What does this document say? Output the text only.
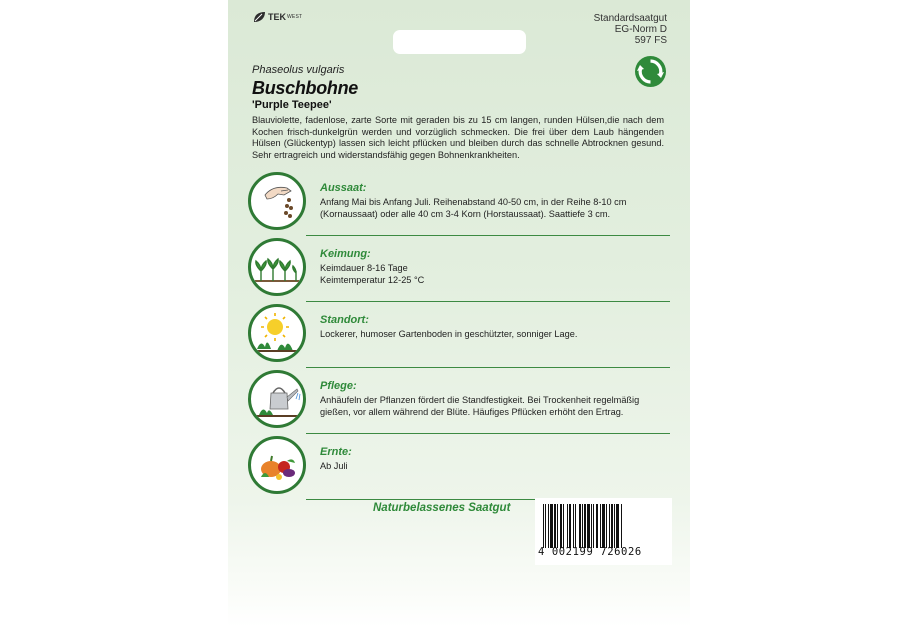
TEK WEST	Standardsaatgut
EG-Norm D
597 FS
Phaseolus vulgaris
Buschbohne
'Purple Teepee'
Blauviolette, fadenlose, zarte Sorte mit geraden bis zu 15 cm langen, runden Hülsen,die nach dem Kochen frisch-dunkelgrün werden und vorzüglich schmecken. Die frei über dem Laub hängenden Hülsen (Glückentyp) lassen sich leicht pflücken und bleiben durch das schnelle Abtrocknen gesund. Sehr ertragreich und widerstandsfähig gegen Bohnenkrankheiten.
Aussaat:
Anfang Mai bis Anfang Juli. Reihenabstand 40-50 cm, in der Reihe 8-10 cm (Kornaussaat) oder alle 40 cm 3-4 Korn (Horstaussaat). Saattiefe 3 cm.
Keimung:
Keimdauer 8-16 Tage
Keimtemperatur 12-25 °C
Standort:
Lockerer, humoser Gartenboden in geschützter, sonniger Lage.
Pflege:
Anhäufeln der Pflanzen fördert die Standfestigkeit. Bei Trockenheit regelmäßig gießen, vor allem während der Blüte. Häufiges Pflücken erhöht den Ertrag.
Ernte:
Ab Juli
Naturbelassenes Saatgut
4 002199 726026
